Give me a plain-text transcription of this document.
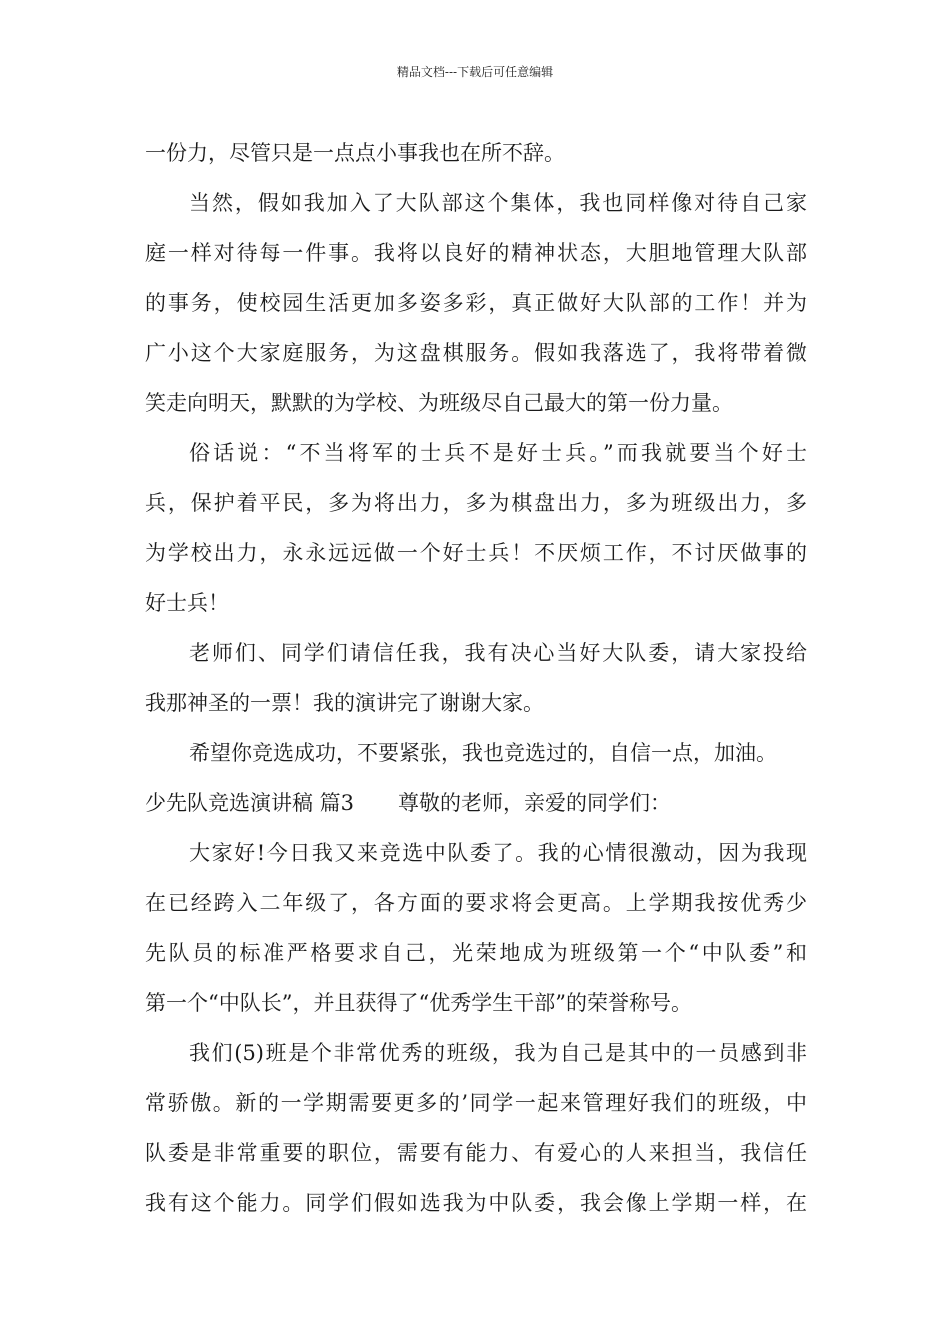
精品文档---下载后可任意编辑
一份力，尽管只是一点点小事我也在所不辞。
当然，假如我加入了大队部这个集体，我也同样像对待自己家
庭一样对待每一件事。我将以良好的精神状态，大胆地管理大队部
的事务，使校园生活更加多姿多彩，真正做好大队部的工作！并为
广小这个大家庭服务，为这盘棋服务。假如我落选了，我将带着微
笑走向明天，默默的为学校、为班级尽自己最大的第一份力量。
俗话说：“不当将军的士兵不是好士兵。”而我就要当个好士
兵，保护着平民，多为将出力，多为棋盘出力，多为班级出力，多
为学校出力，永永远远做一个好士兵！不厌烦工作，不讨厌做事的
好士兵！
老师们、同学们请信任我，我有决心当好大队委，请大家投给
我那神圣的一票！我的演讲完了谢谢大家。
希望你竞选成功，不要紧张，我也竞选过的，自信一点，加油。
少先队竞选演讲稿 篇3 尊敬的老师，亲爱的同学们：
大家好!今日我又来竞选中队委了。我的心情很激动，因为我现
在已经跨入二年级了，各方面的要求将会更高。上学期我按优秀少
先队员的标准严格要求自己，光荣地成为班级第一个“中队委”和
第一个“中队长”，并且获得了“优秀学生干部”的荣誉称号。
我们(5)班是个非常优秀的班级，我为自己是其中的一员感到非
常骄傲。新的一学期需要更多的’同学一起来管理好我们的班级，中
队委是非常重要的职位，需要有能力、有爱心的人来担当，我信任
我有这个能力。同学们假如选我为中队委，我会像上学期一样，在
